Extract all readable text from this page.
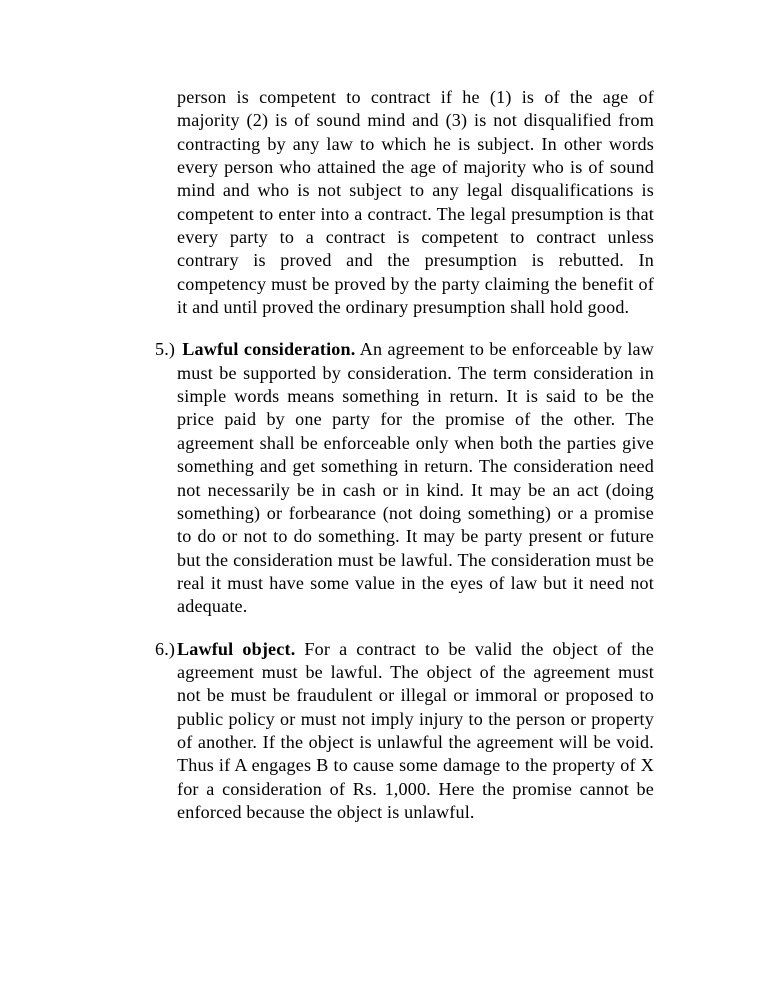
person is competent to contract if he (1) is of the age of majority (2) is of sound mind and (3) is not disqualified from contracting by any law to which he is subject. In other words every person who attained the age of majority who is of sound mind and who is not subject to any legal disqualifications is competent to enter into a contract. The legal presumption is that every party to a contract is competent to contract unless contrary is proved and the presumption is rebutted. In competency must be proved by the party claiming the benefit of it and until proved the ordinary presumption shall hold good.

5.) Lawful consideration. An agreement to be enforceable by law must be supported by consideration. The term consideration in simple words means something in return. It is said to be the price paid by one party for the promise of the other. The agreement shall be enforceable only when both the parties give something and get something in return. The consideration need not necessarily be in cash or in kind. It may be an act (doing something) or forbearance (not doing something) or a promise to do or not to do something. It may be party present or future but the consideration must be lawful. The consideration must be real it must have some value in the eyes of law but it need not adequate.

6.) Lawful object. For a contract to be valid the object of the agreement must be lawful. The object of the agreement must not be must be fraudulent or illegal or immoral or proposed to public policy or must not imply injury to the person or property of another. If the object is unlawful the agreement will be void. Thus if A engages B to cause some damage to the property of X for a consideration of Rs. 1,000. Here the promise cannot be enforced because the object is unlawful.
